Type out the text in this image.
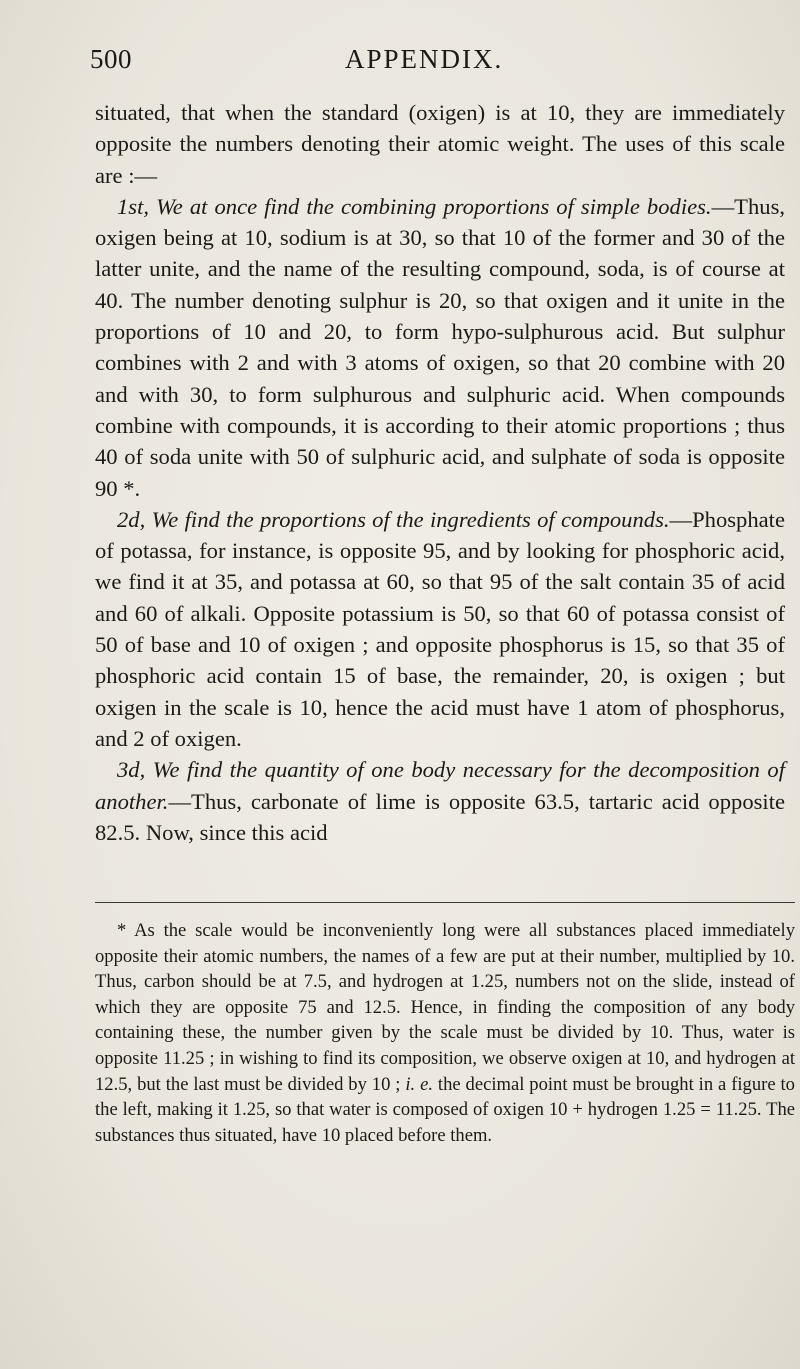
500	APPENDIX.

situated, that when the standard (oxigen) is at 10, they are immediately opposite the numbers denoting their atomic weight. The uses of this scale are :—

1st, We at once find the combining proportions of simple bodies.—Thus, oxigen being at 10, sodium is at 30, so that 10 of the former and 30 of the latter unite, and the name of the resulting compound, soda, is of course at 40. The number denoting sulphur is 20, so that oxigen and it unite in the proportions of 10 and 20, to form hypo-sulphurous acid. But sulphur combines with 2 and with 3 atoms of oxigen, so that 20 combine with 20 and with 30, to form sulphurous and sulphuric acid. When compounds combine with compounds, it is according to their atomic proportions ; thus 40 of soda unite with 50 of sulphuric acid, and sulphate of soda is opposite 90 *.

2d, We find the proportions of the ingredients of compounds.—Phosphate of potassa, for instance, is opposite 95, and by looking for phosphoric acid, we find it at 35, and potassa at 60, so that 95 of the salt contain 35 of acid and 60 of alkali. Opposite potassium is 50, so that 60 of potassa consist of 50 of base and 10 of oxigen ; and opposite phosphorus is 15, so that 35 of phosphoric acid contain 15 of base, the remainder, 20, is oxigen ; but oxigen in the scale is 10, hence the acid must have 1 atom of phosphorus, and 2 of oxigen.

3d, We find the quantity of one body necessary for the decomposition of another.—Thus, carbonate of lime is opposite 63.5, tartaric acid opposite 82.5. Now, since this acid

* As the scale would be inconveniently long were all substances placed immediately opposite their atomic numbers, the names of a few are put at their number, multiplied by 10. Thus, carbon should be at 7.5, and hydrogen at 1.25, numbers not on the slide, instead of which they are opposite 75 and 12.5. Hence, in finding the composition of any body containing these, the number given by the scale must be divided by 10. Thus, water is opposite 11.25 ; in wishing to find its composition, we observe oxigen at 10, and hydrogen at 12.5, but the last must be divided by 10 ; i. e. the decimal point must be brought in a figure to the left, making it 1.25, so that water is composed of oxigen 10 + hydrogen 1.25 = 11.25. The substances thus situated, have 10 placed before them.
